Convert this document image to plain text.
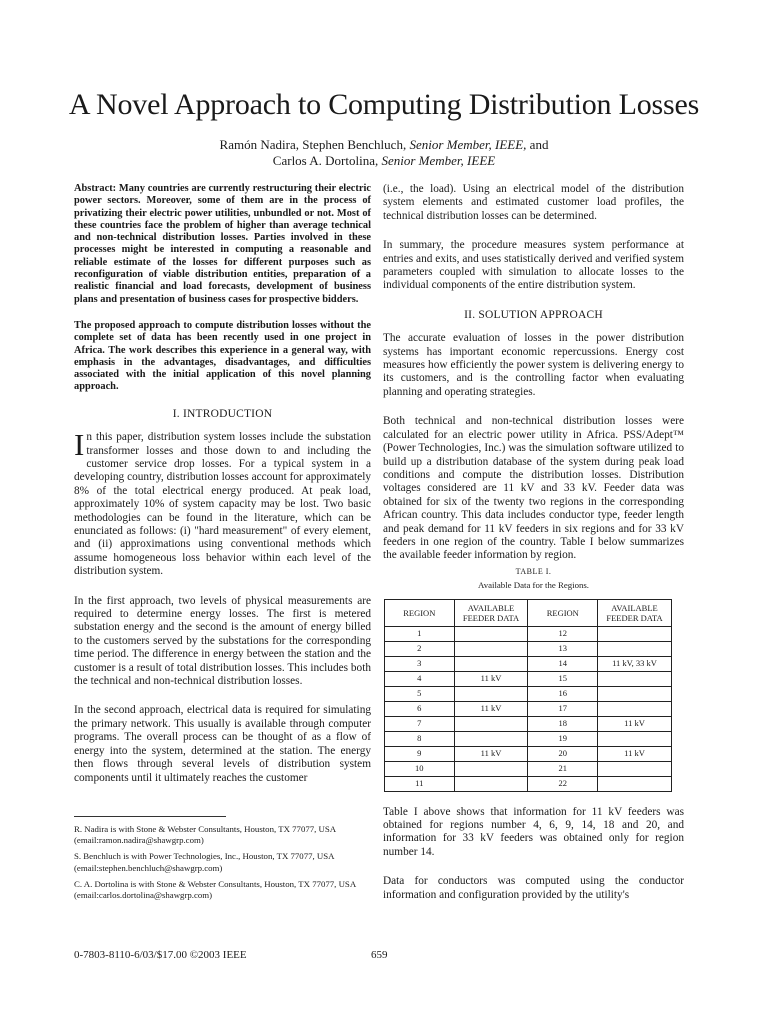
A Novel Approach to Computing Distribution Losses
Ramón Nadira, Stephen Benchluch, Senior Member, IEEE, and
Carlos A. Dortolina, Senior Member, IEEE

Abstract: Many countries are currently restructuring their electric power sectors. Moreover, some of them are in the process of privatizing their electric power utilities, unbundled or not. Most of these countries face the problem of higher than average technical and non-technical distribution losses. Parties involved in these processes might be interested in computing a reasonable and reliable estimate of the losses for different purposes such as reconfiguration of viable distribution entities, preparation of a realistic financial and load forecasts, development of business plans and presentation of business cases for prospective bidders.

The proposed approach to compute distribution losses without the complete set of data has been recently used in one project in Africa. The work describes this experience in a general way, with emphasis in the advantages, disadvantages, and difficulties associated with the initial application of this novel planning approach.

I. INTRODUCTION

In this paper, distribution system losses include the substation transformer losses and those down to and including the customer service drop losses. For a typical system in a developing country, distribution losses account for approximately 8% of the total electrical energy produced. At peak load, approximately 10% of system capacity may be lost. Two basic methodologies can be found in the literature, which can be enunciated as follows: (i) "hard measurement" of every element, and (ii) approximations using conventional methods which assume homogeneous loss behavior within each level of the distribution system.

In the first approach, two levels of physical measurements are required to determine energy losses. The first is metered substation energy and the second is the amount of energy billed to the customers served by the substations for the corresponding time period. The difference in energy between the station and the customer is a result of total distribution losses. This includes both the technical and non-technical distribution losses.

In the second approach, electrical data is required for simulating the primary network. This usually is available through computer programs. The overall process can be thought of as a flow of energy into the system, determined at the station. The energy then flows through several levels of distribution system components until it ultimately reaches the customer

R. Nadira is with Stone & Webster Consultants, Houston, TX 77077, USA (email:ramon.nadira@shawgrp.com)

S. Benchluch is with Power Technologies, Inc., Houston, TX 77077, USA (email:stephen.benchluch@shawgrp.com)

C. A. Dortolina is with Stone & Webster Consultants, Houston, TX 77077, USA (email:carlos.dortolina@shawgrp.com)

(i.e., the load). Using an electrical model of the distribution system elements and estimated customer load profiles, the technical distribution losses can be determined.

In summary, the procedure measures system performance at entries and exits, and uses statistically derived and verified system parameters coupled with simulation to allocate losses to the individual components of the entire distribution system.

II. SOLUTION APPROACH

The accurate evaluation of losses in the power distribution systems has important economic repercussions. Energy cost measures how efficiently the power system is delivering energy to its customers, and is the controlling factor when evaluating planning and operating strategies.

Both technical and non-technical distribution losses were calculated for an electric power utility in Africa. PSS/Adept™ (Power Technologies, Inc.) was the simulation software utilized to build up a distribution database of the system during peak load conditions and compute the distribution losses. Distribution voltages considered are 11 kV and 33 kV. Feeder data was obtained for six of the twenty two regions in the corresponding African country. This data includes conductor type, feeder length and peak demand for 11 kV feeders in six regions and for 33 kV feeders in one region of the country. Table I below summarizes the available feeder information by region.

TABLE I.
Available Data for the Regions.
REGION	AVAILABLE FEEDER DATA	REGION	AVAILABLE FEEDER DATA
1		12	
2		13	
3		14	11 kV, 33 kV
4	11 kV	15	
5		16	
6	11 kV	17	
7		18	11 kV
8		19	
9	11 kV	20	11 kV
10		21	
11		22	

Table I above shows that information for 11 kV feeders was obtained for regions number 4, 6, 9, 14, 18 and 20, and information for 33 kV feeders was obtained only for region number 14.

Data for conductors was computed using the conductor information and configuration provided by the utility's

0-7803-8110-6/03/$17.00 ©2003 IEEE	659
